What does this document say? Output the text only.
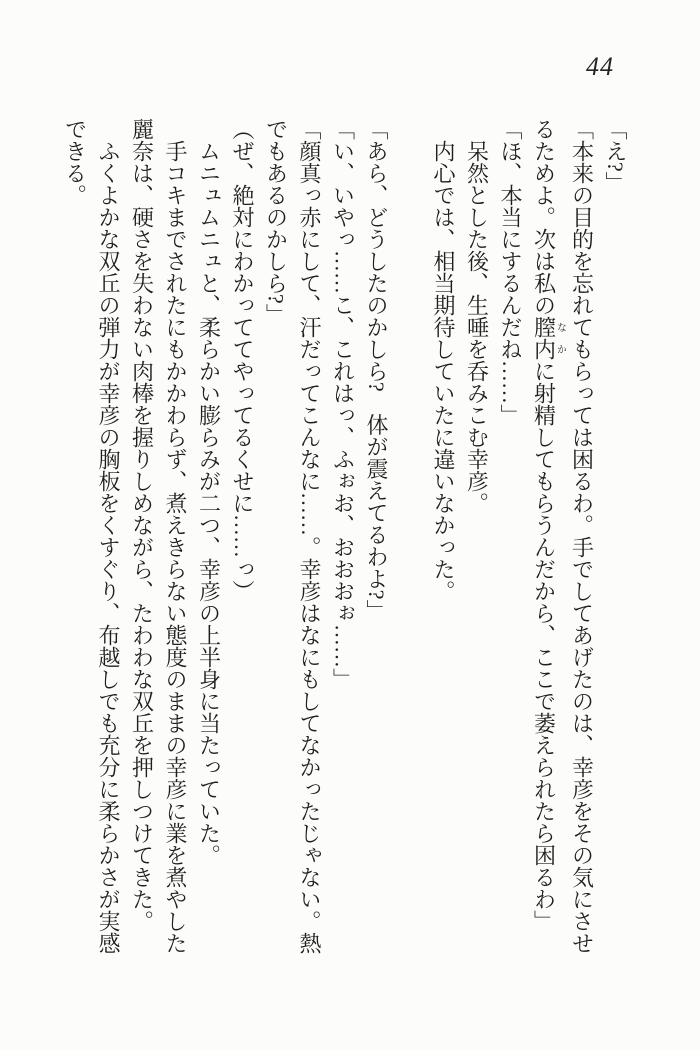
44
「え?」
「本来の目的を忘れてもらっては困るわ。手でしてあげたのは、幸彦をその気にさせ
るためよ。次は私の膣内なかに射精してもらうんだから、ここで萎えられたら困るわ」
「ほ、本当にするんだね……」
呆然とした後、生唾を呑みこむ幸彦。
内心では、相当期待していたに違いなかった。

「あら、どうしたのかしら?　体が震えてるわよ?」
「い、いやっ……こ、これはっ、ふぉお、おおおぉ……」
「顔真っ赤にして、汗だってこんなに……。幸彦はなにもしてなかったじゃない。熱
でもあるのかしら?」
（ぜ、絶対にわかっててやってるくせに……っ）
ムニュムニュと、柔らかい膨らみが二つ、幸彦の上半身に当たっていた。
手コキまでされたにもかかわらず、煮えきらない態度のままの幸彦に業を煮やした
麗奈は、硬さを失わない肉棒を握りしめながら、たわわな双丘を押しつけてきた。
ふくよかな双丘の弾力が幸彦の胸板をくすぐり、布越しでも充分に柔らかさが実感
できる。
